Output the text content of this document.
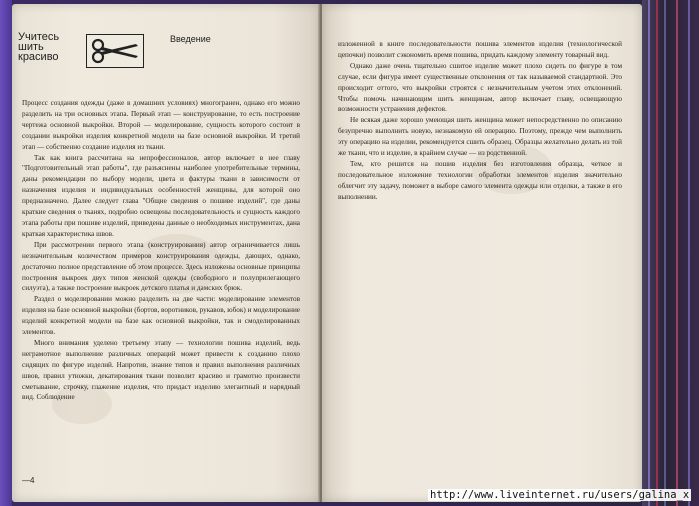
Учитесь
шить
красиво
Введение

Процесс создания одежды (даже в домашних условиях) многогранен, однако его можно разделить на три основных этапа. Первый этап — конструирование, то есть построение чертежа основной выкройки. Второй — моделирование, сущность которого состоит в создании выкройки изделия конкретной модели на базе основной выкройки. И третий этап — собственно создание изделия из ткани.

Так как книга рассчитана на непрофессионалов, автор включает в нее главу "Подготовительный этап работы", где разъяснены наиболее употребительные термины, даны рекомендации по выбору модели, цвета и фактуры ткани в зависимости от назначения изделия и индивидуальных особенностей женщины, для которой оно предназначено. Далее следует глава "Общие сведения о пошиве изделий", где даны краткие сведения о тканях, подробно освещены последовательность и сущность каждого этапа работы при пошиве изделий, приведены данные о необходимых инструментах, дана краткая характеристика швов.

При рассмотрении первого этапа (конструирования) автор ограничивается лишь незначительным количеством примеров конструирования одежды, дающих, однако, достаточно полное представление об этом процессе. Здесь изложены основные принципы построения выкроек двух типов женской одежды (свободного и полуприлегающего силуэта), а также построение выкроек детского платья и дамских брюк.

Раздел о моделировании можно разделить на две части: моделирование элементов изделия на базе основной выкройки (бортов, воротников, рукавов, юбок) и моделирование изделий конкретной модели на базе как основной выкройки, так и смоделированных элементов.

Много внимания уделено третьему этапу — технологии пошива изделий, ведь неграмотное выполнение различных операций может привести к созданию плохо сидящих по фигуре изделий. Напротив, знание типов и правил выполнения различных швов, правил утюжки, декатирования ткани позволит красиво и грамотно произвести сметывание, строчку, глажение изделия, что придаст изделию элегантный и нарядный вид. Соблюдение

изложенной в книге последовательности пошива элементов изделия (технологической цепочки) позволит сэкономить время пошива, придать каждому элементу товарный вид.

Однако даже очень тщательно сшитое изделие может плохо сидеть по фигуре в том случае, если фигура имеет существенные отклонения от так называемой стандартной. Это происходит оттого, что выкройки строятся с незначительным учетом этих отклонений. Чтобы помочь начинающим шить женщинам, автор включает главу, освещающую возможности устранения дефектов.

Не всякая даже хорошо умеющая шить женщина может непосредственно по описанию безупречно выполнить новую, незнакомую ей операцию. Поэтому, прежде чем выполнить эту операцию на изделии, рекомендуется сшить образец. Образцы желательно делать из той же ткани, что и изделие, в крайнем случае — из родственной.

Тем, кто решится на пошив изделия без изготовления образца, четкое и последовательное изложение технологии обработки элементов изделия значительно облегчит эту задачу, поможет в выборе самого элемента одежды или отделки, а также в его выполнении.

—4
http://www.liveinternet.ru/users/galina_x
